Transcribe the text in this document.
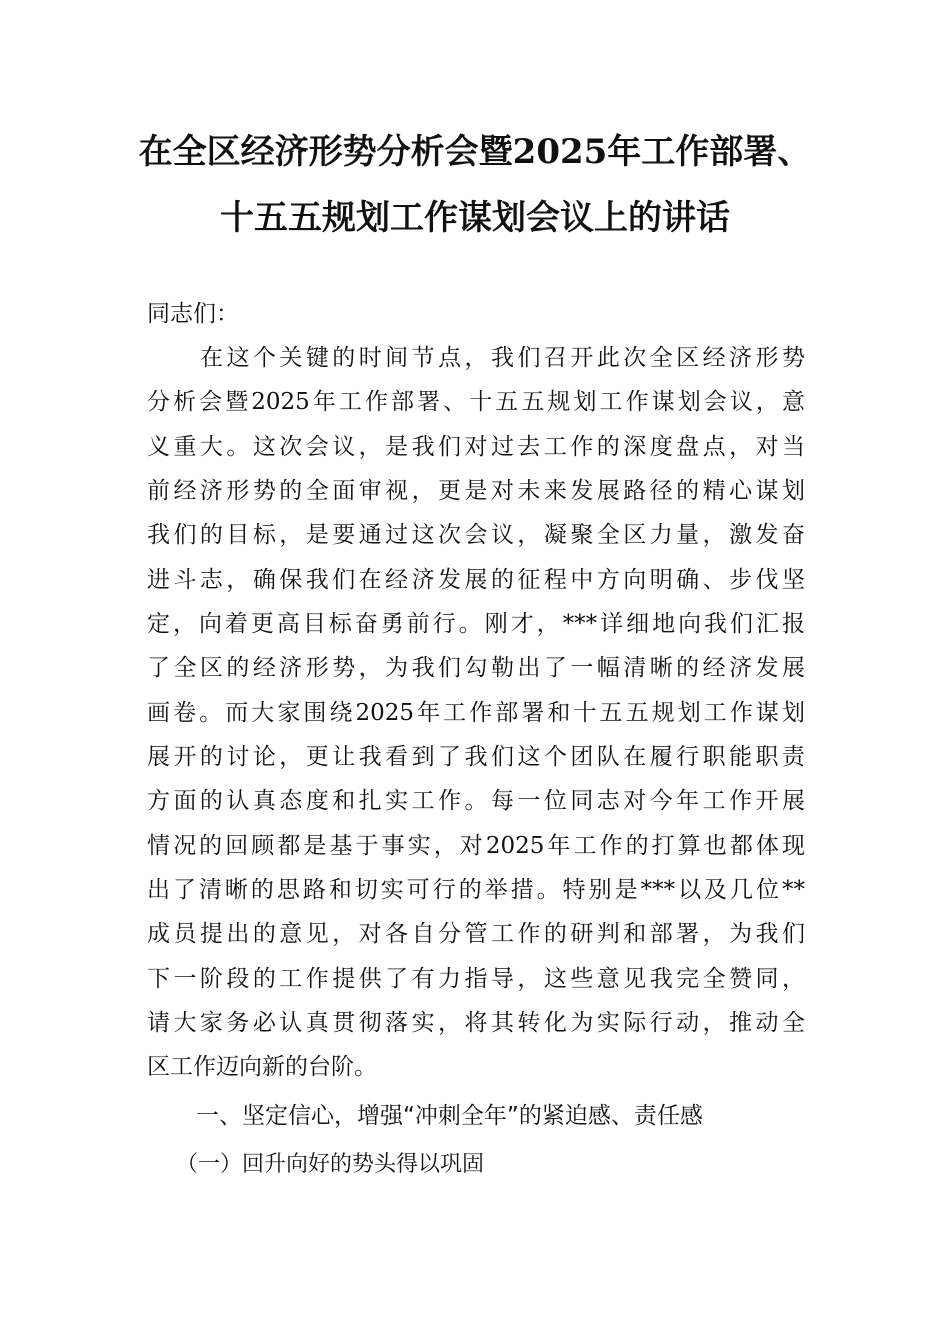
在全区经济形势分析会暨2025年工作部署、
十五五规划工作谋划会议上的讲话
同志们：
在这个关键的时间节点，我们召开此次全区经济形势
分析会暨2025年工作部署、十五五规划工作谋划会议，意
义重大。这次会议，是我们对过去工作的深度盘点，对当
前经济形势的全面审视，更是对未来发展路径的精心谋划
我们的目标，是要通过这次会议，凝聚全区力量，激发奋
进斗志，确保我们在经济发展的征程中方向明确、步伐坚
定，向着更高目标奋勇前行。刚才，***详细地向我们汇报
了全区的经济形势，为我们勾勒出了一幅清晰的经济发展
画卷。而大家围绕2025年工作部署和十五五规划工作谋划
展开的讨论，更让我看到了我们这个团队在履行职能职责
方面的认真态度和扎实工作。每一位同志对今年工作开展
情况的回顾都是基于事实，对2025年工作的打算也都体现
出了清晰的思路和切实可行的举措。特别是***以及几位**
成员提出的意见，对各自分管工作的研判和部署，为我们
下一阶段的工作提供了有力指导，这些意见我完全赞同，
请大家务必认真贯彻落实，将其转化为实际行动，推动全
区工作迈向新的台阶。
一、坚定信心，增强“冲刺全年”的紧迫感、责任感
（一）回升向好的势头得以巩固
